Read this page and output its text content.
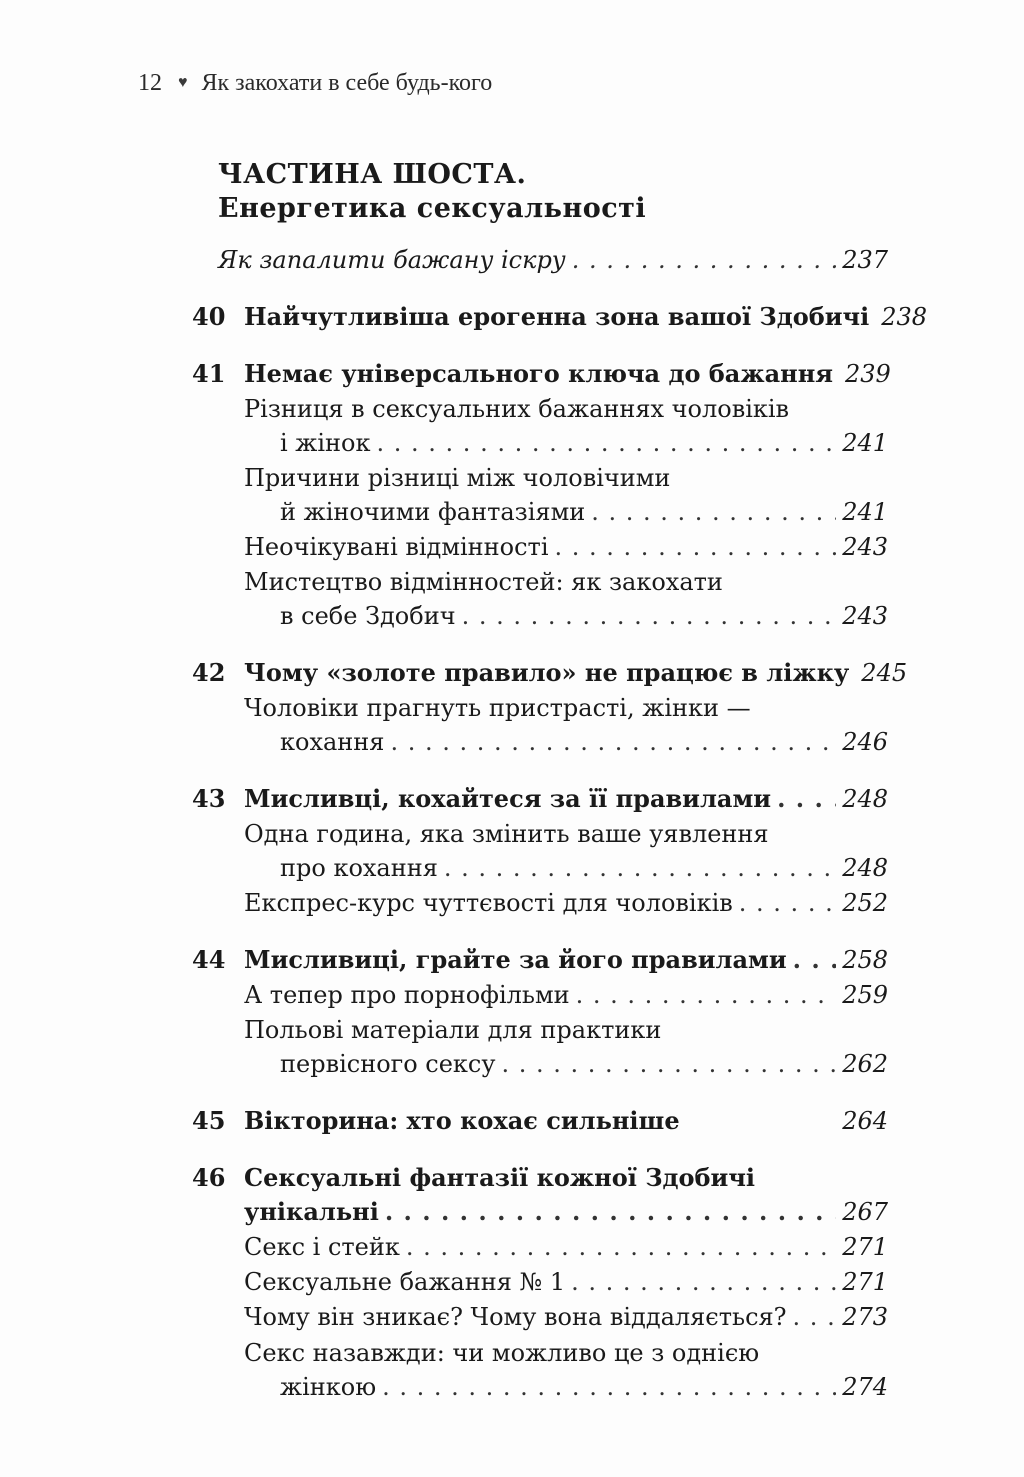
12 ♥ Як закохати в себе будь-кого
ЧАСТИНА ШОСТА.
Енергетика сексуальності
Як запалити бажану іскру . . .	237
40 Найчутливіша ерогенна зона вашої Здобичі 238
41 Немає універсального ключа до бажання 239
Різниця в сексуальних бажаннях чоловіків
і жінок . . .	241
Причини різниці між чоловічими
й жіночими фантазіями . . .	241
Неочікувані відмінності . . .	243
Мистецтво відмінностей: як закохати
в себе Здобич . . .	243
42 Чому «золоте правило» не працює в ліжку 245
Чоловіки прагнуть пристрасті, жінки —
кохання . . .	246
43 Мисливці, кохайтеся за її правилами . . .	248
Одна година, яка змінить ваше уявлення
про кохання . . .	248
Експрес-курс чуттєвості для чоловіків . . .	252
44 Мисливиці, грайте за його правилами . . . 258
А тепер про порнофільми . . .	259
Польові матеріали для практики
первісного сексу . . .	262
45 Вікторина: хто кохає сильніше	264
46 Сексуальні фантазії кожної Здобичі
унікальні . . .	267
Секс і стейк . . .	271
Сексуальне бажання № 1 . . .	271
Чому він зникає? Чому вона віддаляється? . . . 273
Секс назавжди: чи можливо це з однією
жінкою . . .	274
